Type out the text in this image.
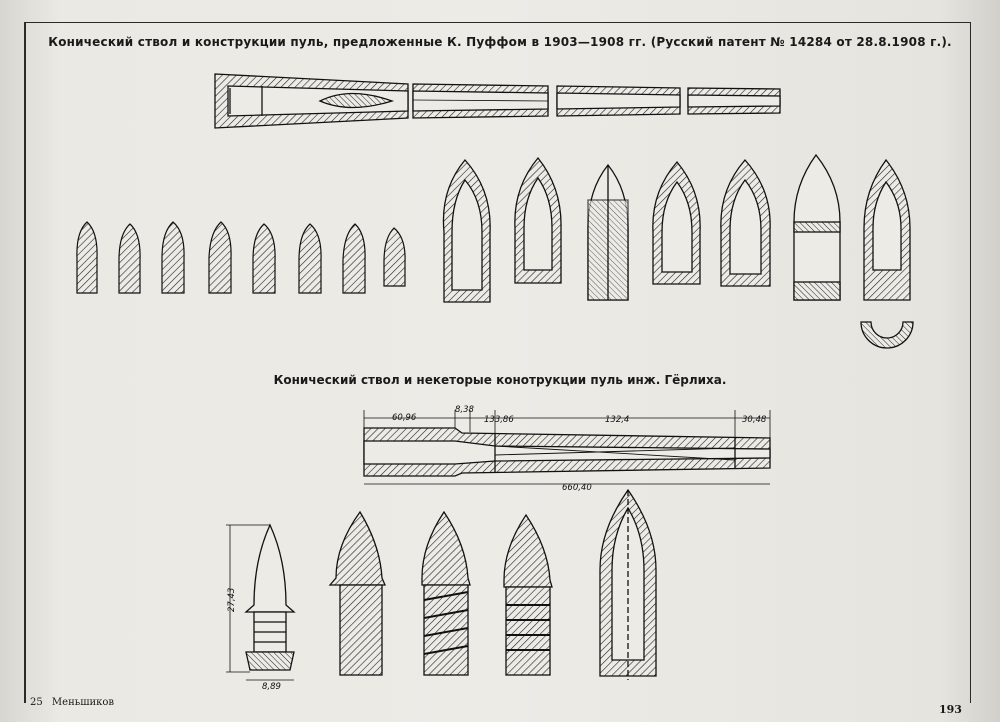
Конический ствол и конструкции пуль, предложенные К. Пуффом в 1903—1908 гг. (Русский патент № 14284 от 28.8.1908 г.).
Конический ствол и некеторые конотрукции пуль инж. Гёрлиха.
60,96
8,38
133,86	132,4	30,48
660,40
27,43
8,89
25 Меньшиков
193
